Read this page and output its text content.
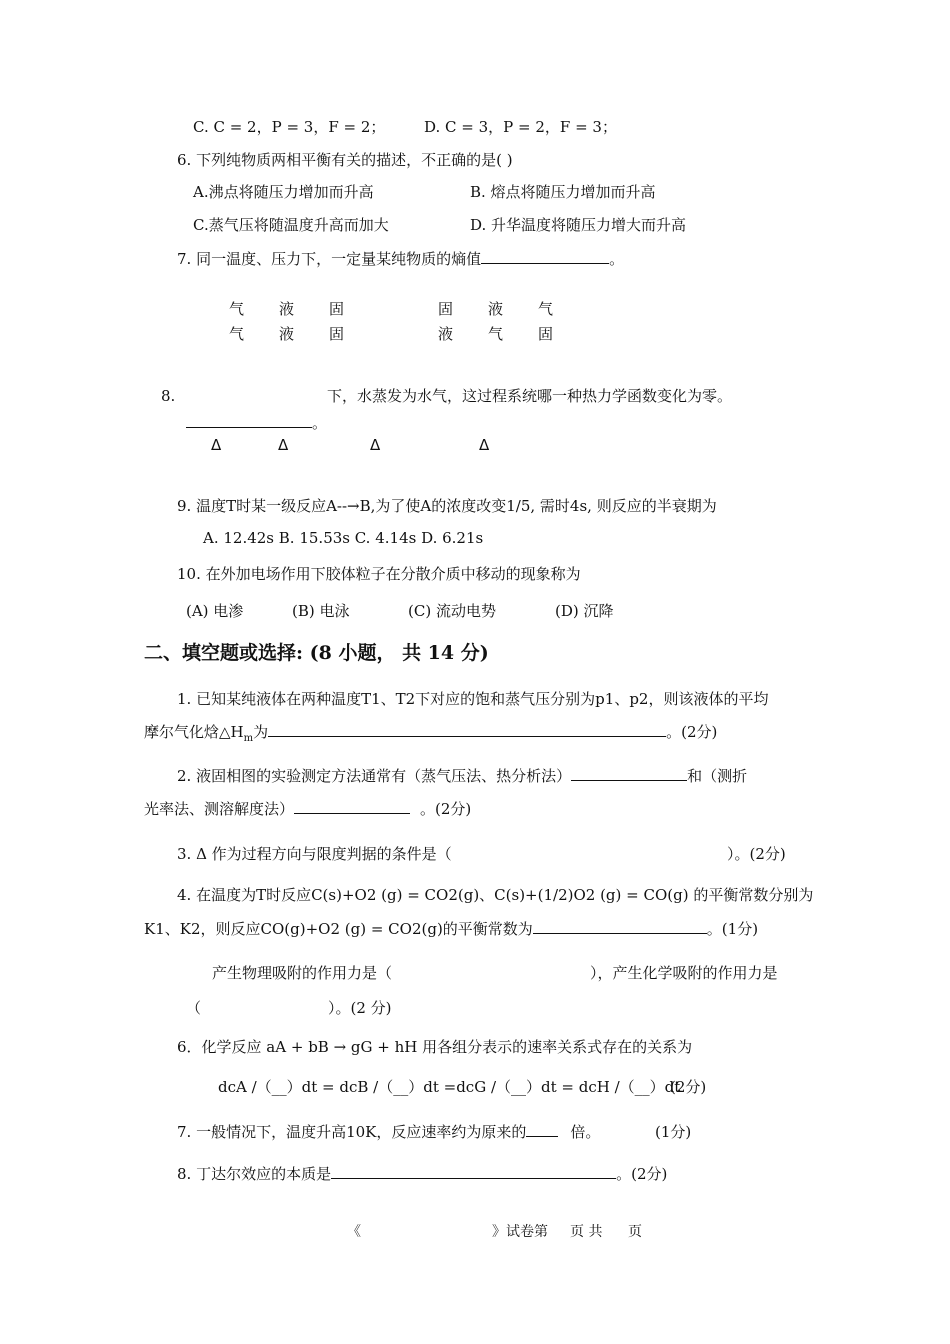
C. C = 2，P = 3，F = 2；	D. C = 3，P = 2，F = 3；
6. 下列纯物质两相平衡有关的描述，不正确的是( )
A.沸点将随压力增加而升高	B. 熔点将随压力增加而升高
C.蒸气压将随温度升高而加大	D. 升华温度将随压力增大而升高
7. 同一温度、压力下，一定量某纯物质的熵值	。
气 液 固	固 液 气
气 液 固	液 气 固
8.	下，水蒸发为水气，这过程系统哪一种热力学函数变化为零。
。
Δ	Δ	Δ	Δ
9. 温度T时某一级反应A--→B,为了使A的浓度改变1/5, 需时4s, 则反应的半衰期为
A. 12.42s B. 15.53s C. 4.14s D. 6.21s
10. 在外加电场作用下胶体粒子在分散介质中移动的现象称为
(A) 电渗	(B) 电泳	(C) 流动电势	(D) 沉降
二、填空题或选择: (8 小题， 共 14 分)
1. 已知某纯液体在两种温度T1、T2下对应的饱和蒸气压分别为p1、p2，则该液体的平均
摩尔气化焓$\triangle H_m$为	。(2分)
2. 液固相图的实验测定方法通常有（蒸气压法、热分析法）	和（测折
光率法、测溶解度法）	。(2分)
3. Δ 作为过程方向与限度判据的条件是（	）。(2分)
4. 在温度为T时反应C(s)+O2 (g) = CO2(g)、C(s)+(1/2)O2 (g) = CO(g) 的平衡常数分别为
K1、K2，则反应CO(g)+O2 (g) = CO2(g)的平衡常数为	。(1分)
产生物理吸附的作用力是（	），产生化学吸附的作用力是
（	）。(2 分)
6．化学反应 aA + bB → gG + hH 用各组分表示的速率关系式存在的关系为
dcA /（__）dt = dcB /（__）dt =dcG /（__）dt = dcH /（__）dt
(2分)
7. 一般情况下，温度升高10K，反应速率约为原来的	倍。	(1分)
8. 丁达尔效应的本质是	。(2分)
《	》试卷第 页 共 页
